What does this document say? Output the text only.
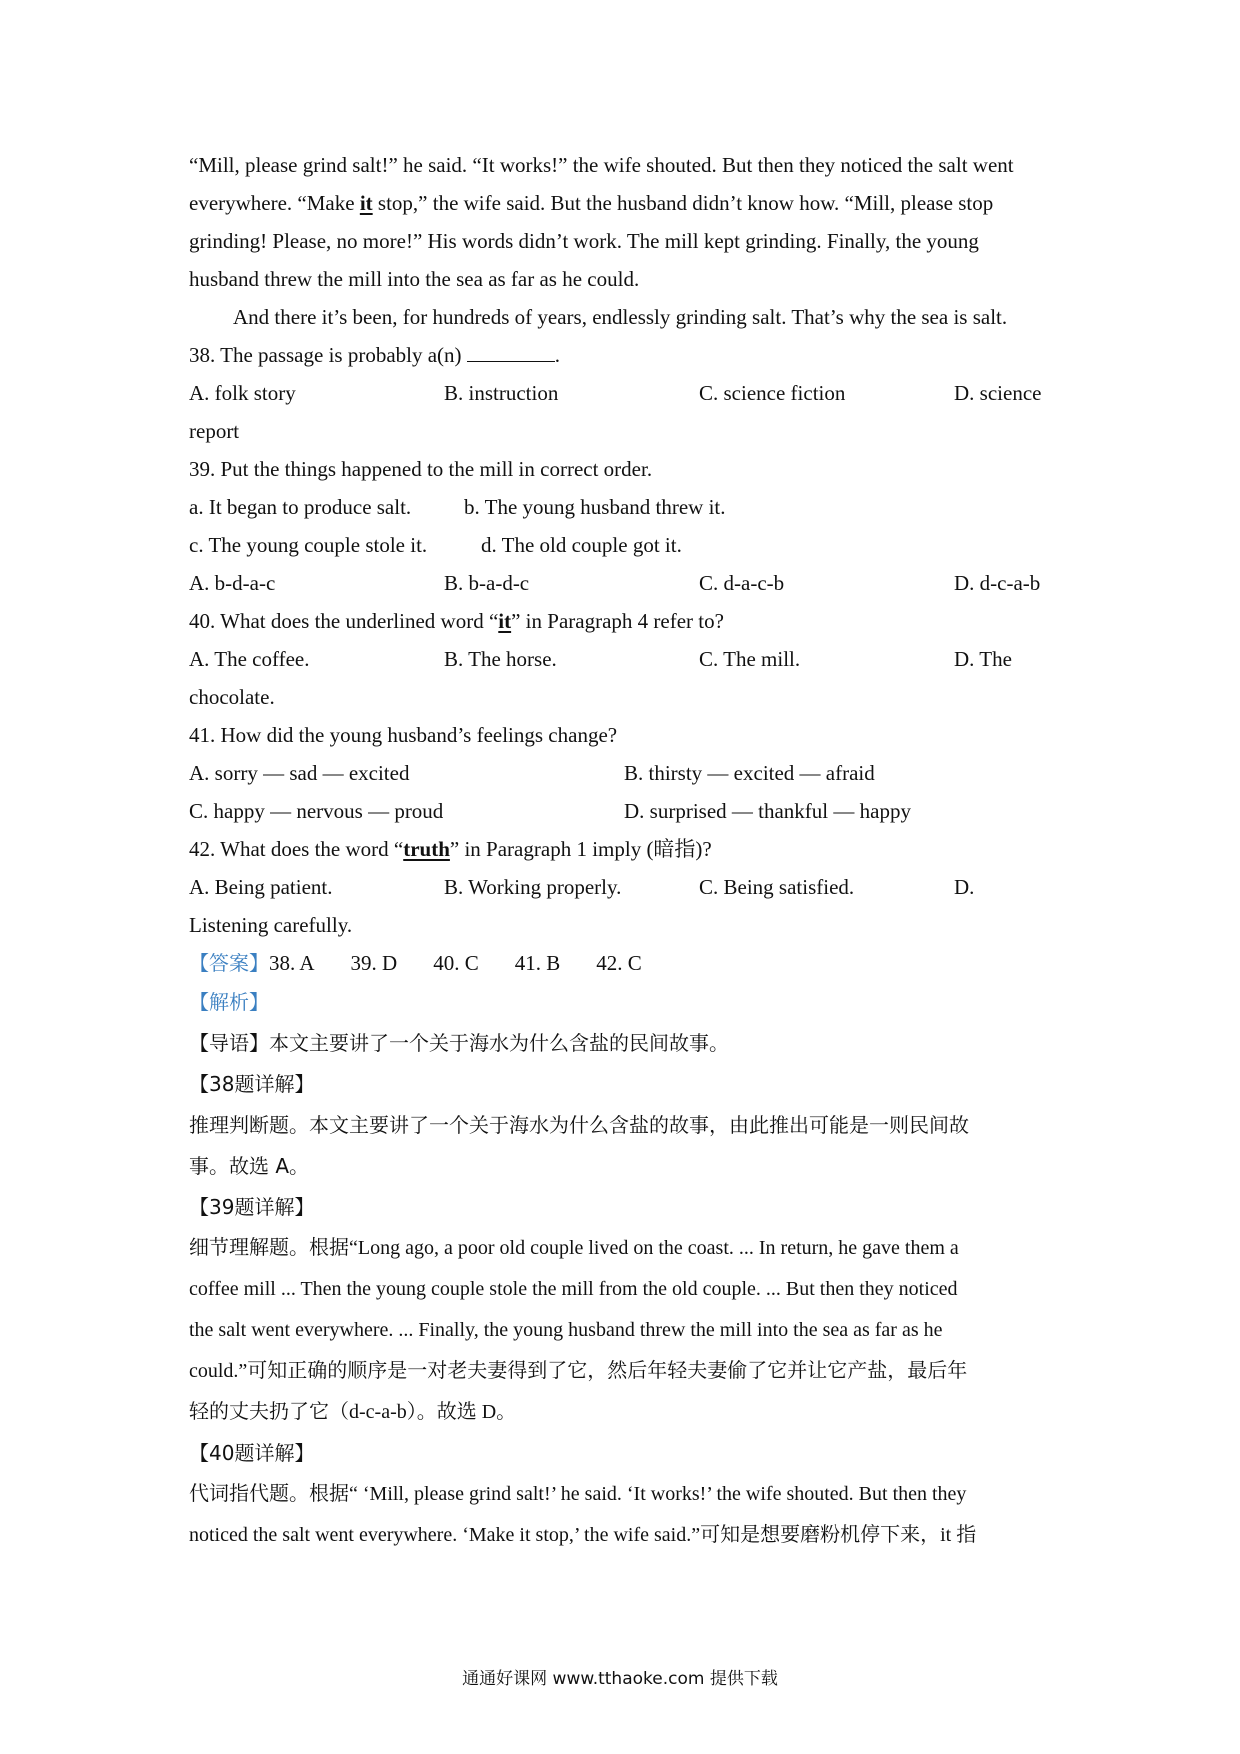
“Mill, please grind salt!” he said. “It works!” the wife shouted. But then they noticed the salt went
everywhere. “Make it stop,” the wife said. But the husband didn’t know how. “Mill, please stop
grinding! Please, no more!” His words didn’t work. The mill kept grinding. Finally, the young
husband threw the mill into the sea as far as he could.
And there it’s been, for hundreds of years, endlessly grinding salt. That’s why the sea is salt.
38. The passage is probably a(n)	.
A. folk story	B. instruction	C. science fiction	D. science
report
39. Put the things happened to the mill in correct order.
a. It began to produce salt.	b. The young husband threw it.
c. The young couple stole it.	d. The old couple got it.
A. b-d-a-c	B. b-a-d-c	C. d-a-c-b	D. d-c-a-b
40. What does the underlined word “it” in Paragraph 4 refer to?
A. The coffee.	B. The horse.	C. The mill.	D. The
chocolate.
41. How did the young husband’s feelings change?
A. sorry — sad — excited	B. thirsty — excited — afraid
C. happy — nervous — proud	D. surprised — thankful — happy
42. What does the word “truth” in Paragraph 1 imply (暗指)?
A. Being patient.	B. Working properly.	C. Being satisfied.	D.
Listening carefully.
【答案】38. A 39. D 40. C 41. B 42. C
【解析】
【导语】本文主要讲了一个关于海水为什么含盐的民间故事。
【38题详解】
推理判断题。本文主要讲了一个关于海水为什么含盐的故事，由此推出可能是一则民间故
事。故选 A。
【39题详解】
细节理解题。根据“Long ago, a poor old couple lived on the coast. ... In return, he gave them a
coffee mill ... Then the young couple stole the mill from the old couple. ... But then they noticed
the salt went everywhere. ... Finally, the young husband threw the mill into the sea as far as he
could.”可知正确的顺序是一对老夫妻得到了它，然后年轻夫妻偷了它并让它产盐，最后年
轻的丈夫扔了它（d-c-a-b）。故选 D。
【40题详解】
代词指代题。根据“ ‘Mill, please grind salt!’ he said. ‘It works!’ the wife shouted. But then they
noticed the salt went everywhere. ‘Make it stop,’ the wife said.”可知是想要磨粉机停下来，it 指
通通好课网 www.tthaoke.com 提供下载
